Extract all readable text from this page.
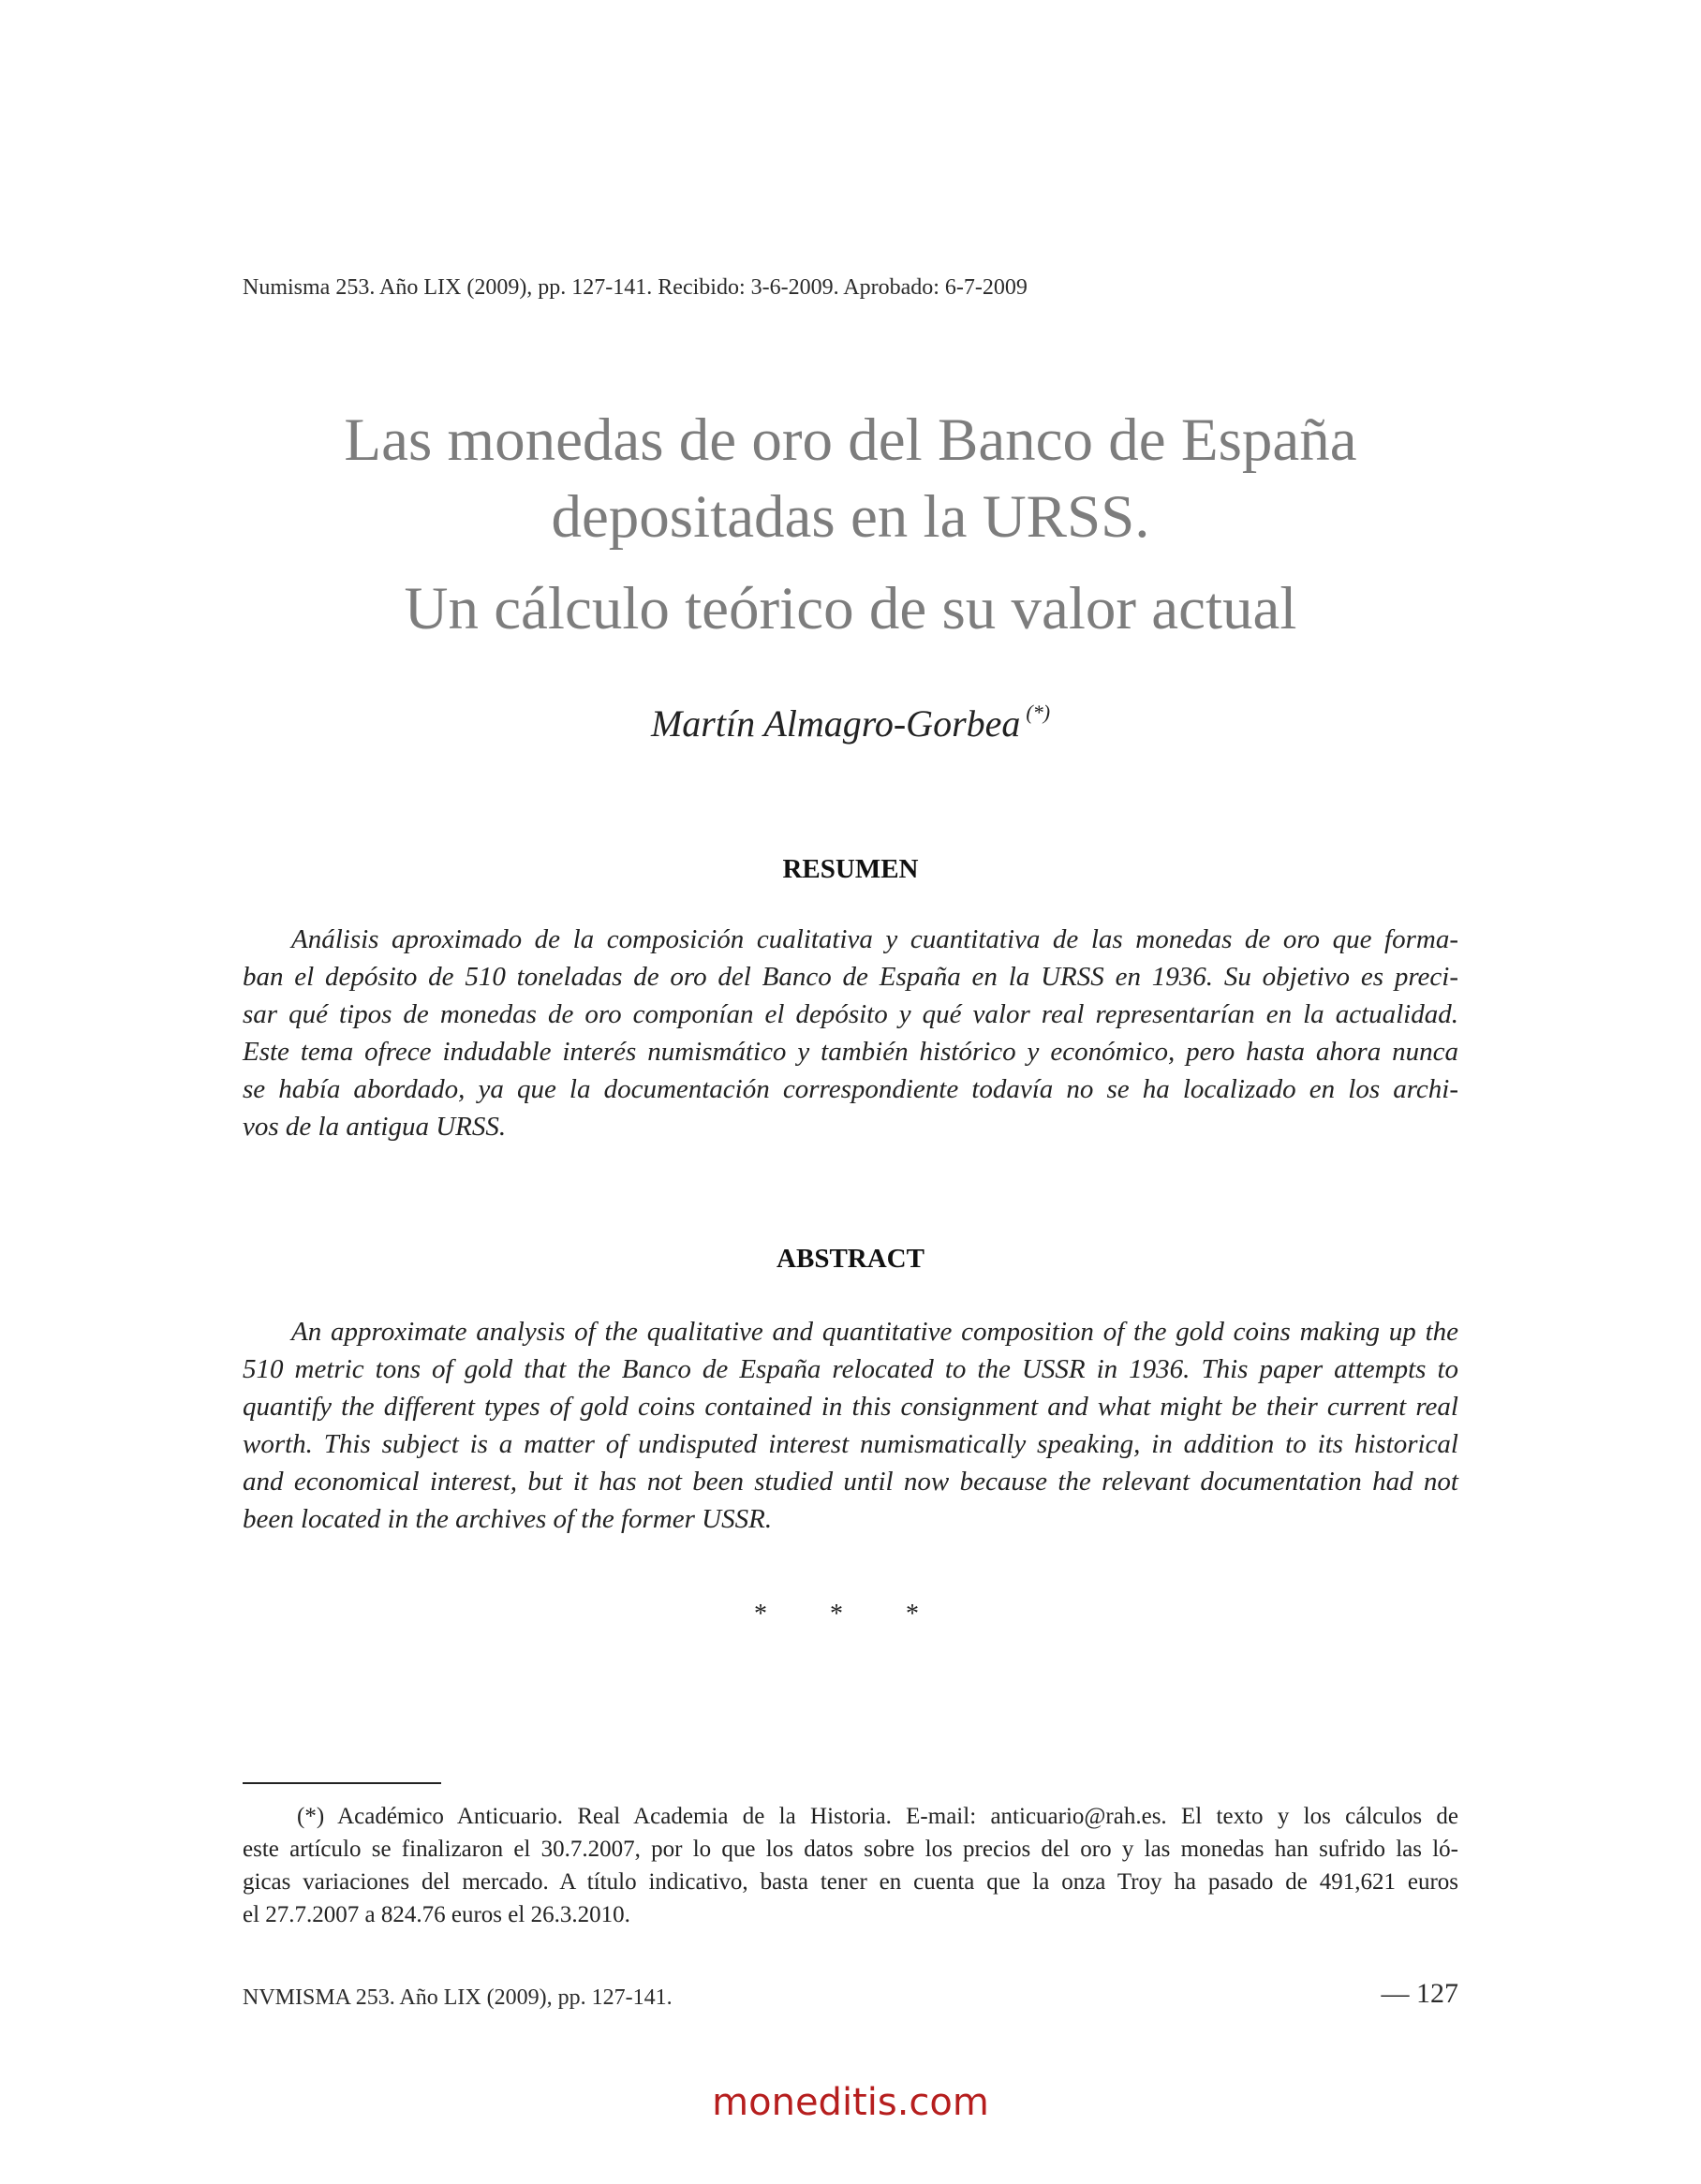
Numisma 253. Año LIX (2009), pp. 127-141. Recibido: 3-6-2009. Aprobado: 6-7-2009
Las monedas de oro del Banco de España
depositadas en la URSS.
Un cálculo teórico de su valor actual
Martín Almagro-Gorbea (*)
RESUMEN
Análisis aproximado de la composición cualitativa y cuantitativa de las monedas de oro que forma-
ban el depósito de 510 toneladas de oro del Banco de España en la URSS en 1936. Su objetivo es preci-
sar qué tipos de monedas de oro componían el depósito y qué valor real representarían en la actualidad.
Este tema ofrece indudable interés numismático y también histórico y económico, pero hasta ahora nunca
se había abordado, ya que la documentación correspondiente todavía no se ha localizado en los archi-
vos de la antigua URSS.
ABSTRACT
An approximate analysis of the qualitative and quantitative composition of the gold coins making up the
510 metric tons of gold that the Banco de España relocated to the USSR in 1936. This paper attempts to
quantify the different types of gold coins contained in this consignment and what might be their current real
worth. This subject is a matter of undisputed interest numismatically speaking, in addition to its historical
and economical interest, but it has not been studied until now because the relevant documentation had not
been located in the archives of the former USSR.
* * *
(*) Académico Anticuario. Real Academia de la Historia. E-mail: anticuario@rah.es. El texto y los cálculos de
este artículo se finalizaron el 30.7.2007, por lo que los datos sobre los precios del oro y las monedas han sufrido las ló-
gicas variaciones del mercado. A título indicativo, basta tener en cuenta que la onza Troy ha pasado de 491,621 euros
el 27.7.2007 a 824.76 euros el 26.3.2010.
NVMISMA 253. Año LIX (2009), pp. 127-141.	— 127
moneditis.com
